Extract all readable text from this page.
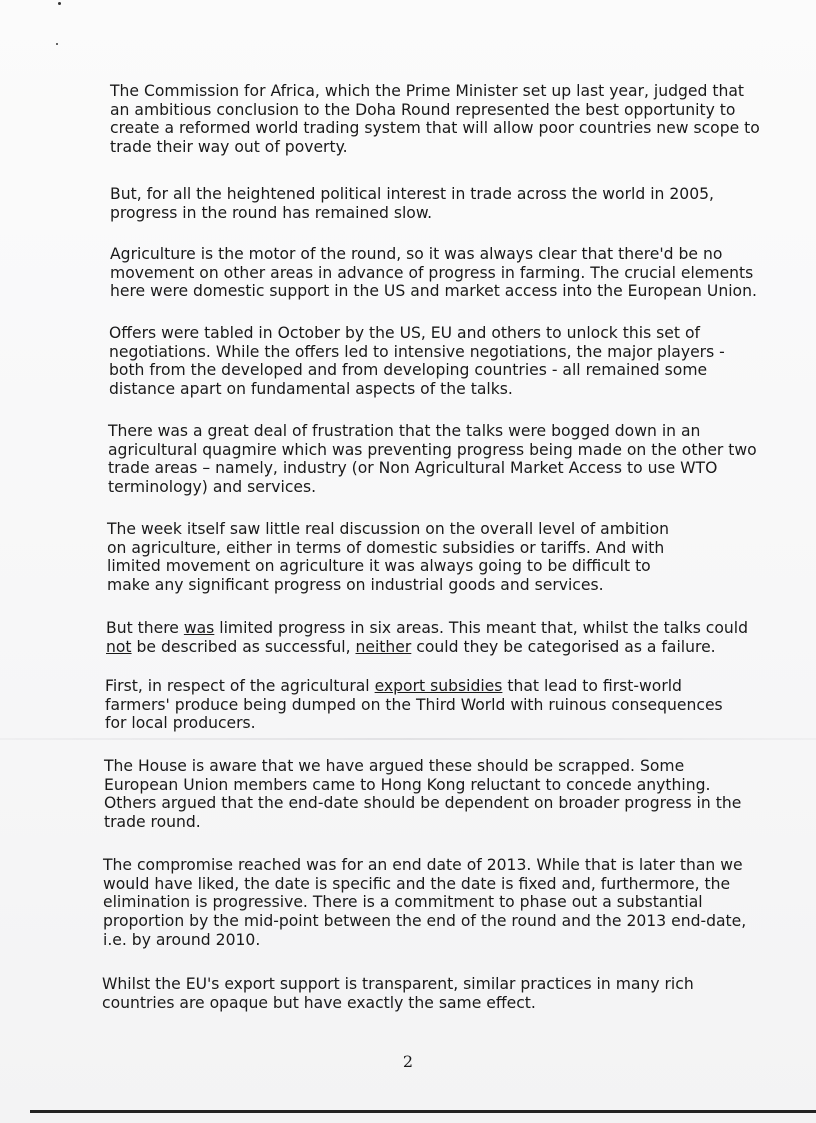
The Commission for Africa, which the Prime Minister set up last year, judged that an ambitious conclusion to the Doha Round represented the best opportunity to create a reformed world trading system that will allow poor countries new scope to trade their way out of poverty.

But, for all the heightened political interest in trade across the world in 2005, progress in the round has remained slow.

Agriculture is the motor of the round, so it was always clear that there'd be no movement on other areas in advance of progress in farming. The crucial elements here were domestic support in the US and market access into the European Union.

Offers were tabled in October by the US, EU and others to unlock this set of negotiations. While the offers led to intensive negotiations, the major players - both from the developed and from developing countries - all remained some distance apart on fundamental aspects of the talks.

There was a great deal of frustration that the talks were bogged down in an agricultural quagmire which was preventing progress being made on the other two trade areas – namely, industry (or Non Agricultural Market Access to use WTO terminology) and services.

The week itself saw little real discussion on the overall level of ambition on agriculture, either in terms of domestic subsidies or tariffs. And with limited movement on agriculture it was always going to be difficult to make any significant progress on industrial goods and services.

But there was limited progress in six areas. This meant that, whilst the talks could not be described as successful, neither could they be categorised as a failure.

First, in respect of the agricultural export subsidies that lead to first-world farmers' produce being dumped on the Third World with ruinous consequences for local producers.

The House is aware that we have argued these should be scrapped. Some European Union members came to Hong Kong reluctant to concede anything. Others argued that the end-date should be dependent on broader progress in the trade round.

The compromise reached was for an end date of 2013. While that is later than we would have liked, the date is specific and the date is fixed and, furthermore, the elimination is progressive. There is a commitment to phase out a substantial proportion by the mid-point between the end of the round and the 2013 end-date, i.e. by around 2010.

Whilst the EU's export support is transparent, similar practices in many rich countries are opaque but have exactly the same effect.

2
